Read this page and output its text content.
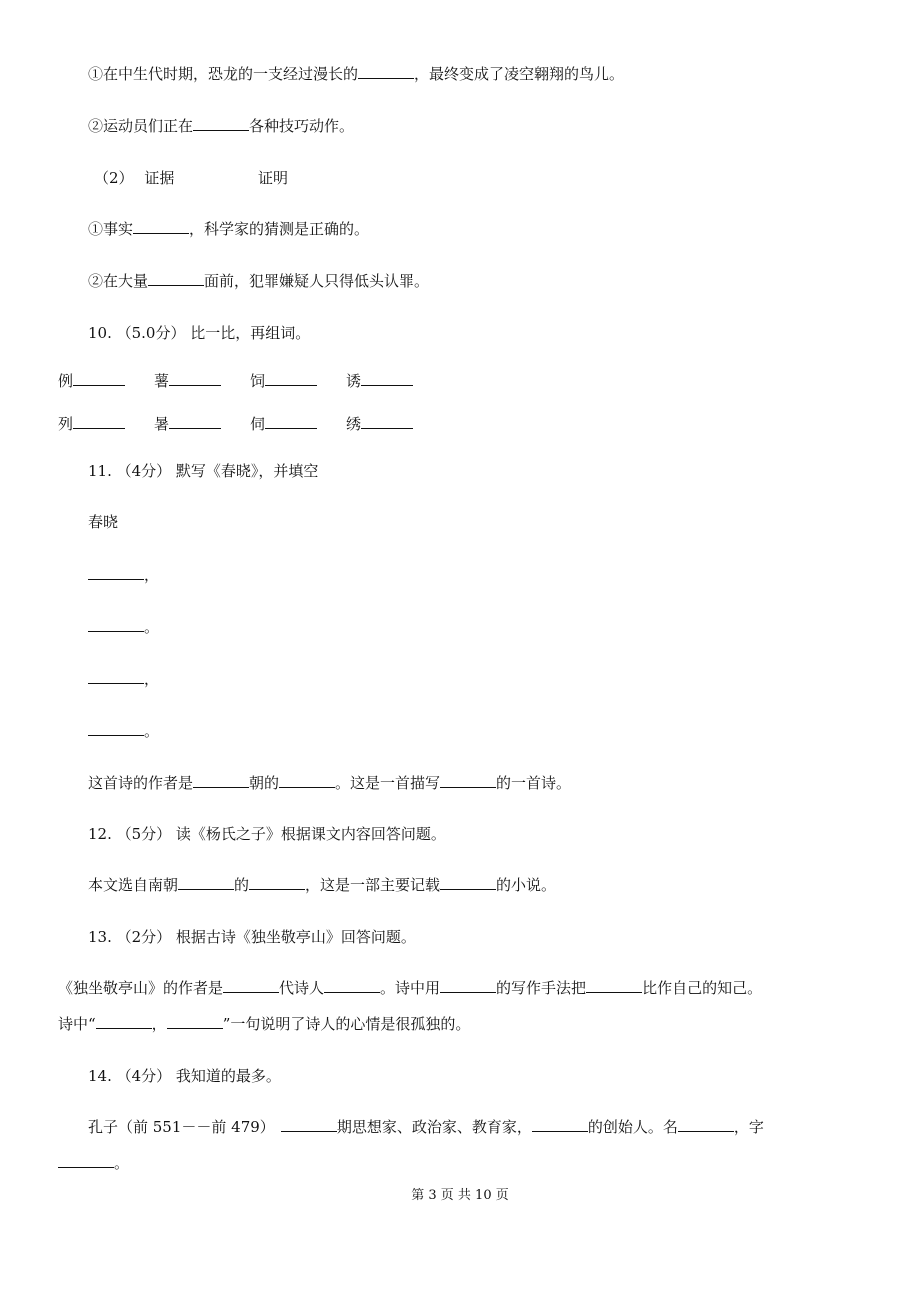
①在中生代时期，恐龙的一支经过漫长的	，最终变成了凌空翱翔的鸟儿。
②运动员们正在	各种技巧动作。
（2） 证据	证明
①事实	，科学家的猜测是正确的。
②在大量	面前，犯罪嫌疑人只得低头认罪。
10. （5.0分） 比一比，再组词。
例	薯	饲	诱
列	暑	伺	绣
11. （4分） 默写《春晓》，并填空
春晓
，
。
，
。
这首诗的作者是	朝的	。这是一首描写	的一首诗。
12. （5分） 读《杨氏之子》根据课文内容回答问题。
本文选自南朝	的	，这是一部主要记载	的小说。
13. （2分） 根据古诗《独坐敬亭山》回答问题。
《独坐敬亭山》的作者是	代诗人	。诗中用	的写作手法把	比作自己的知己。
诗中“	，	”一句说明了诗人的心情是很孤独的。
14. （4分） 我知道的最多。
孔子（前 551－－前 479）	期思想家、政治家、教育家，	的创始人。名	，字
。
第 3 页 共 10 页
